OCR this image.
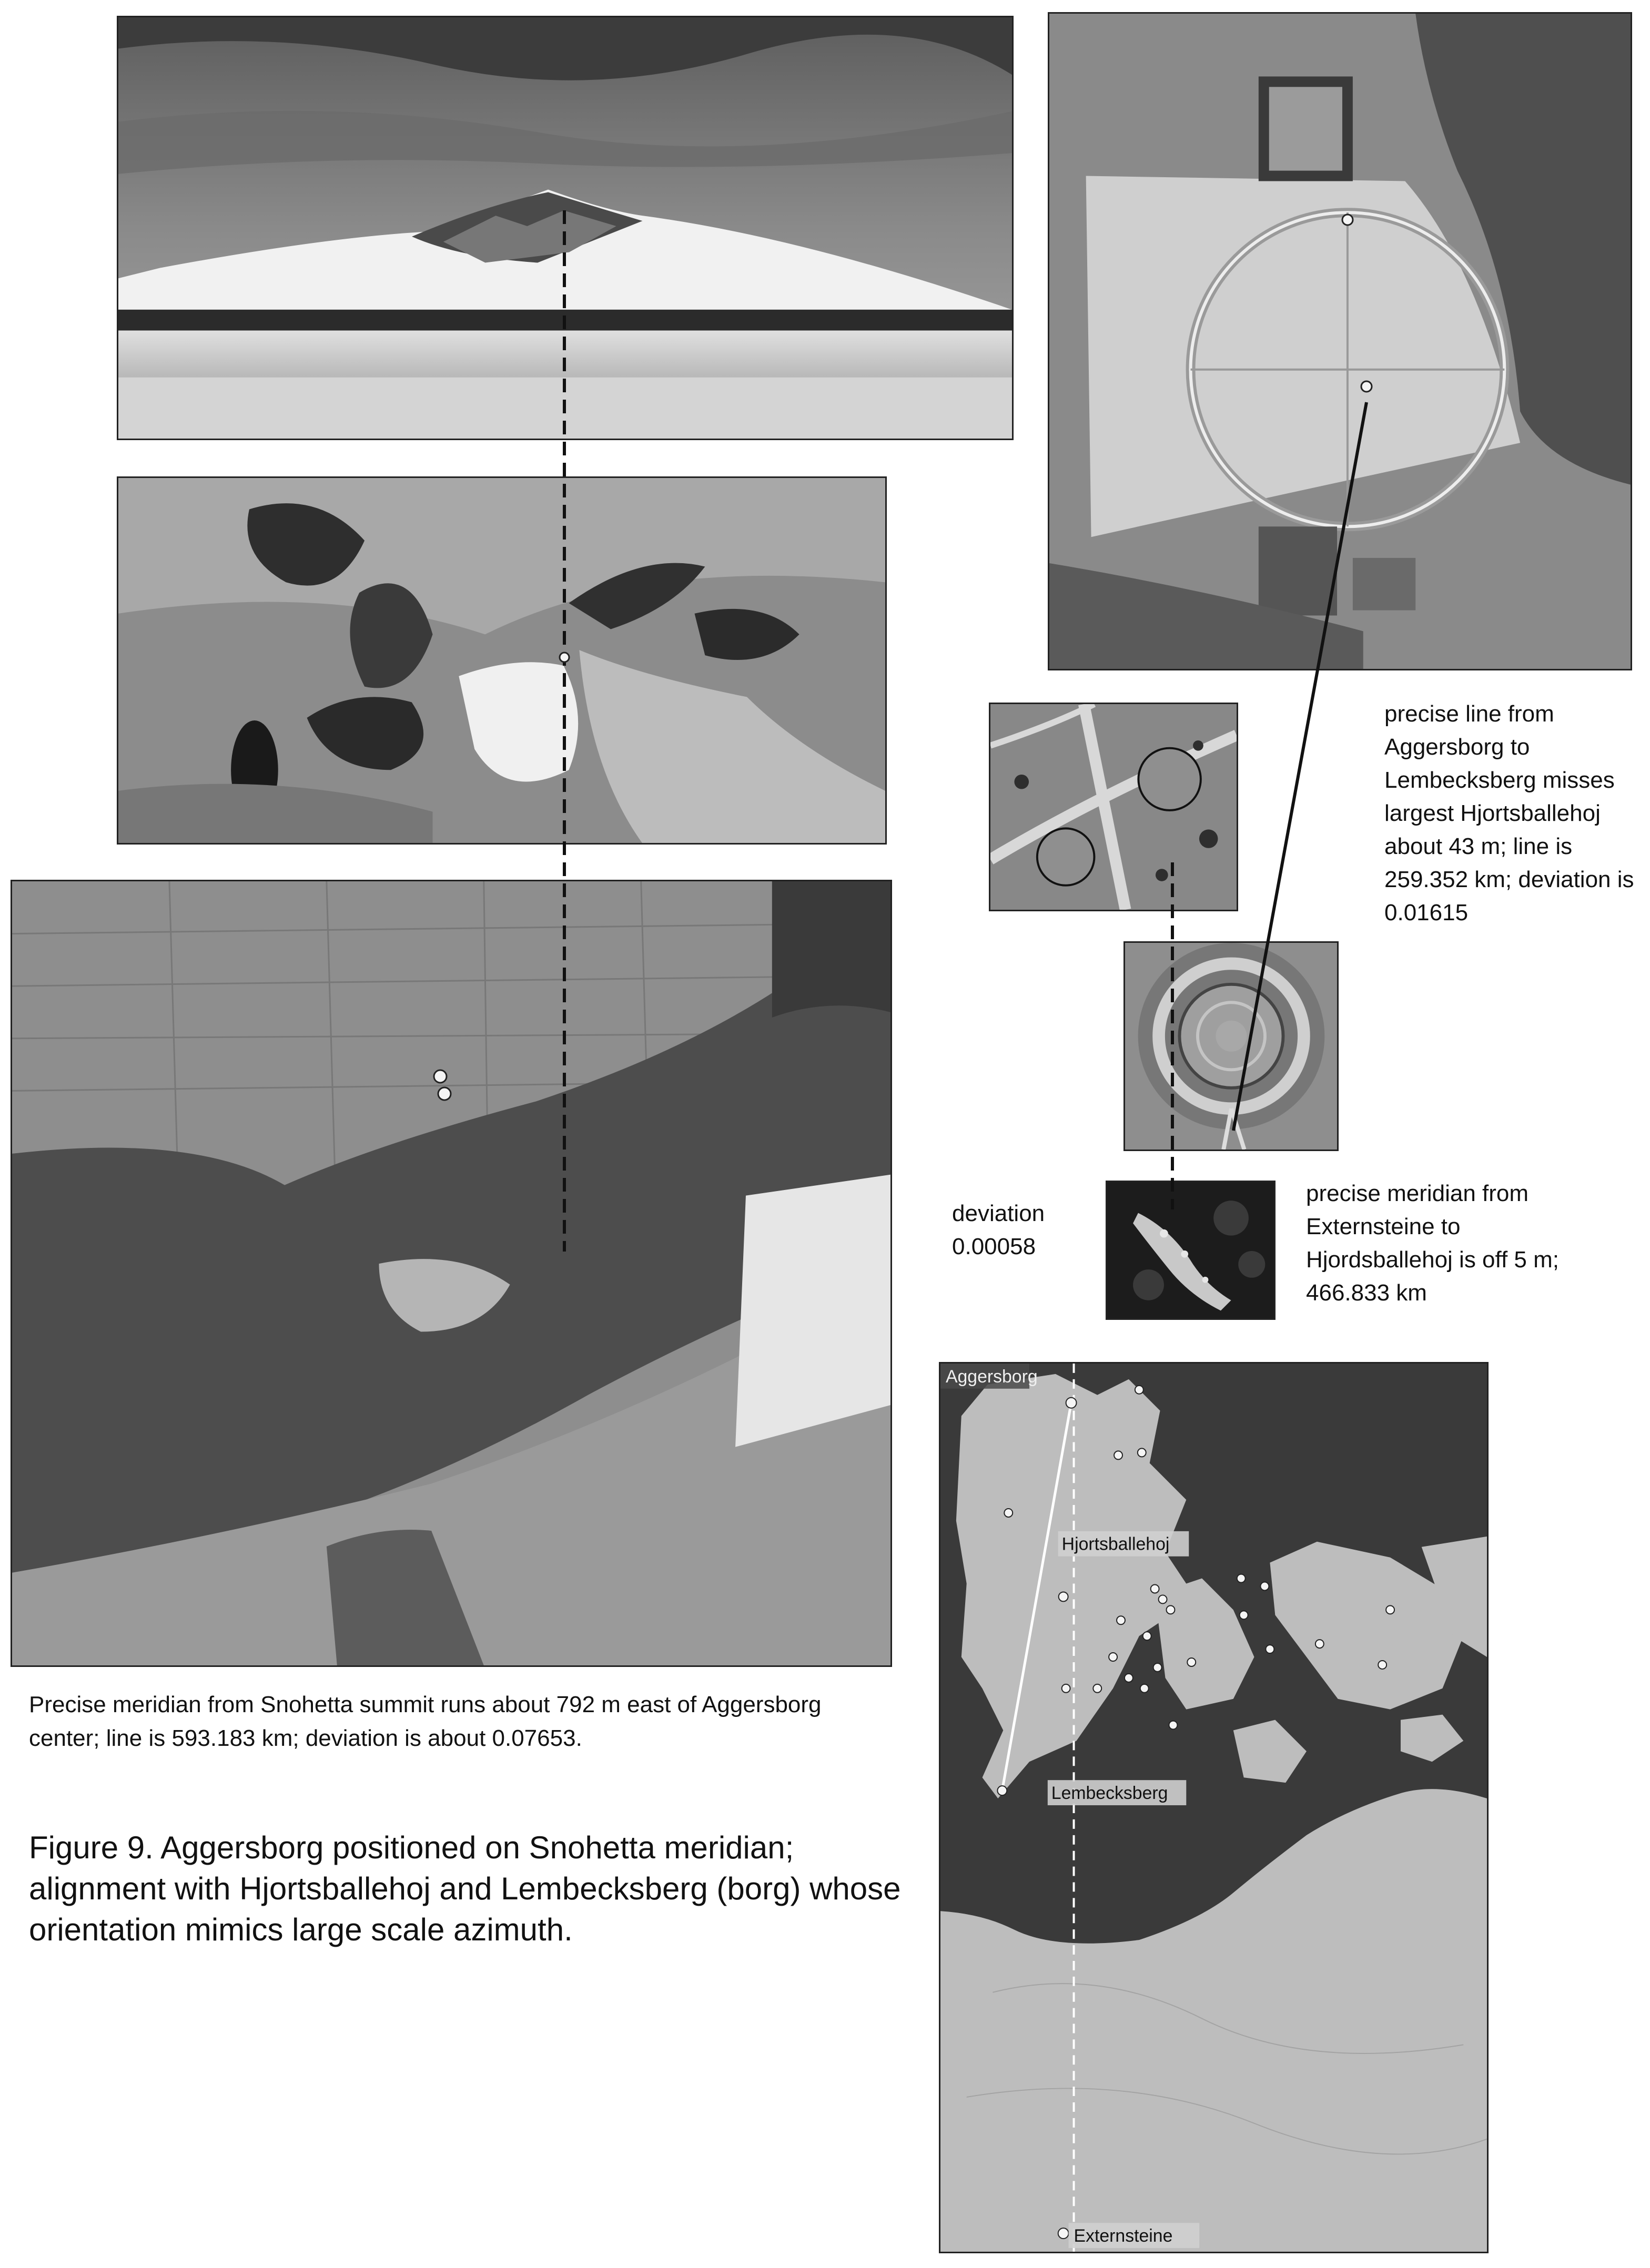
Aggersborg
Hjortsballehoj
Lembecksberg
Externsteine
precise line from Aggersborg to Lembecksberg misses largest Hjortsballehoj about 43 m; line is 259.352 km; deviation is 0.01615
deviation 0.00058
precise meridian from Externsteine to Hjordsballehoj is off 5 m; 466.833 km
Precise meridian from Snohetta summit runs about 792 m east of Aggersborg center; line is 593.183 km; deviation is about 0.07653.
Figure 9. Aggersborg positioned on Snohetta meridian; alignment with Hjortsballehoj and Lembecksberg (borg) whose orientation mimics large scale azimuth.
